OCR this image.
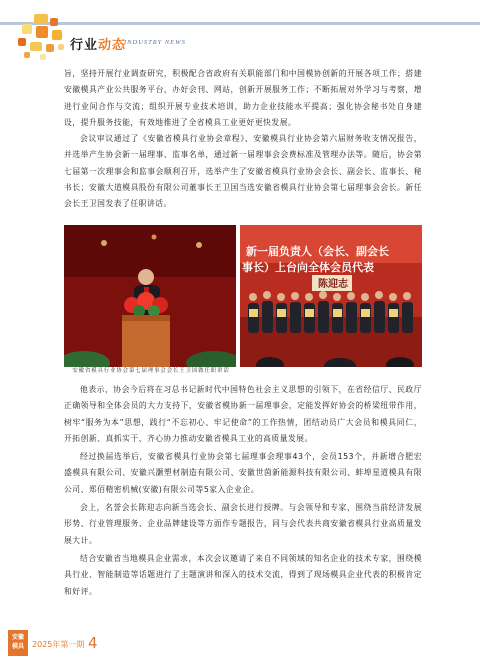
行业动态
INDUSTRY NEWS

旨，坚持开展行业调查研究，积极配合省政府有关职能部门和中国模协创新的开展各项工作；搭建安徽模具产业公共服务平台，办好会刊、网站，创新开展服务工作；不断拓展对外学习与考察，增进行业间合作与交流；组织开展专业技术培训，助力企业技能水平提高；强化协会秘书处自身建设，提升服务技能，有效地推进了全省模具工业更好更快发展。

会议审议通过了《安徽省模具行业协会章程》、安徽模具行业协会第六届财务收支情况报告，并选举产生协会新一届理事、监事名单，通过新一届理事会会费标准及管理办法等。随后，协会第七届第一次理事会和监事会顺利召开，选举产生了安徽省模具行业协会会长、副会长、监事长、秘书长；安徽大道模具股份有限公司董事长王卫国当选安徽省模具行业协会第七届理事会会长。新任会长王卫国发表了任职讲话。

安徽省模具行业协会第七届理事会会长王卫国做任职讲话
新一届负责人（会长、副会长
事长）上台向全体会员代表
陈迎志

他表示，协会今后将在习总书记新时代中国特色社会主义思想的引领下，在省经信厅、民政厅正确领导和全体会员的大力支持下，安徽省模协新一届理事会，定能发挥好协会的桥梁纽带作用，树牢“服务为本”思想，践行“不忘初心、牢记使命”的工作热情，团结动员广大会员和模具同仁，开拓创新、真抓实干、齐心协力推动安徽省模具工业的高质量发展。

经过换届选举后，安徽省模具行业协会第七届理事会理事43个，会员153个，并新增合肥宏盛模具有限公司、安徽兴灏塑材制造有限公司、安徽世茵新能源科技有限公司、蚌埠星道模具有限公司、郑佰精密机械(安徽)有限公司等5家入企业企。

会上，名誉会长陈迎志向新当选会长、副会长进行授牌。与会领导和专家，围绕当前经济发展形势、行业管理服务、企业品牌建设等方面作专题报告，同与会代表共商安徽省模具行业高质量发展大计。

结合安徽省当地模具企业需求，本次会议邀请了来自不同领域的知名企业的技术专家，围绕模具行业、智能制造等话题进行了主题演讲和深入的技术交流，得到了现场模具企业代表的积极肯定和好评。

安徽
模具 2025年第一期 4
